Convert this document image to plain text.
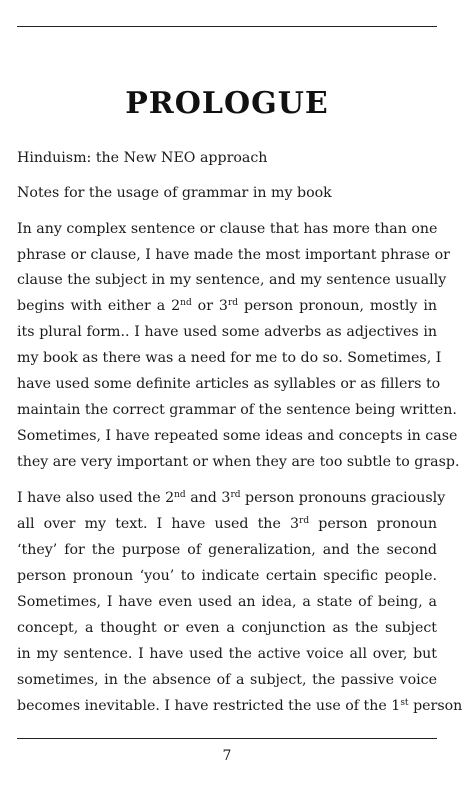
PROLOGUE
Hinduism: the New NEO approach
Notes for the usage of grammar in my book
In any complex sentence or clause that has more than one
phrase or clause, I have made the most important phrase or
clause the subject in my sentence, and my sentence usually
begins with either a 2nd or 3rd person pronoun, mostly in
its plural form.. I have used some adverbs as adjectives in
my book as there was a need for me to do so. Sometimes, I
have used some definite articles as syllables or as fillers to
maintain the correct grammar of the sentence being written.
Sometimes, I have repeated some ideas and concepts in case
they are very important or when they are too subtle to grasp.
I have also used the 2nd and 3rd person pronouns graciously
all over my text. I have used the 3rd person pronoun
‘they’ for the purpose of generalization, and the second
person pronoun ‘you’ to indicate certain specific people.
Sometimes, I have even used an idea, a state of being, a
concept, a thought or even a conjunction as the subject
in my sentence. I have used the active voice all over, but
sometimes, in the absence of a subject, the passive voice
becomes inevitable. I have restricted the use of the 1st person
7
